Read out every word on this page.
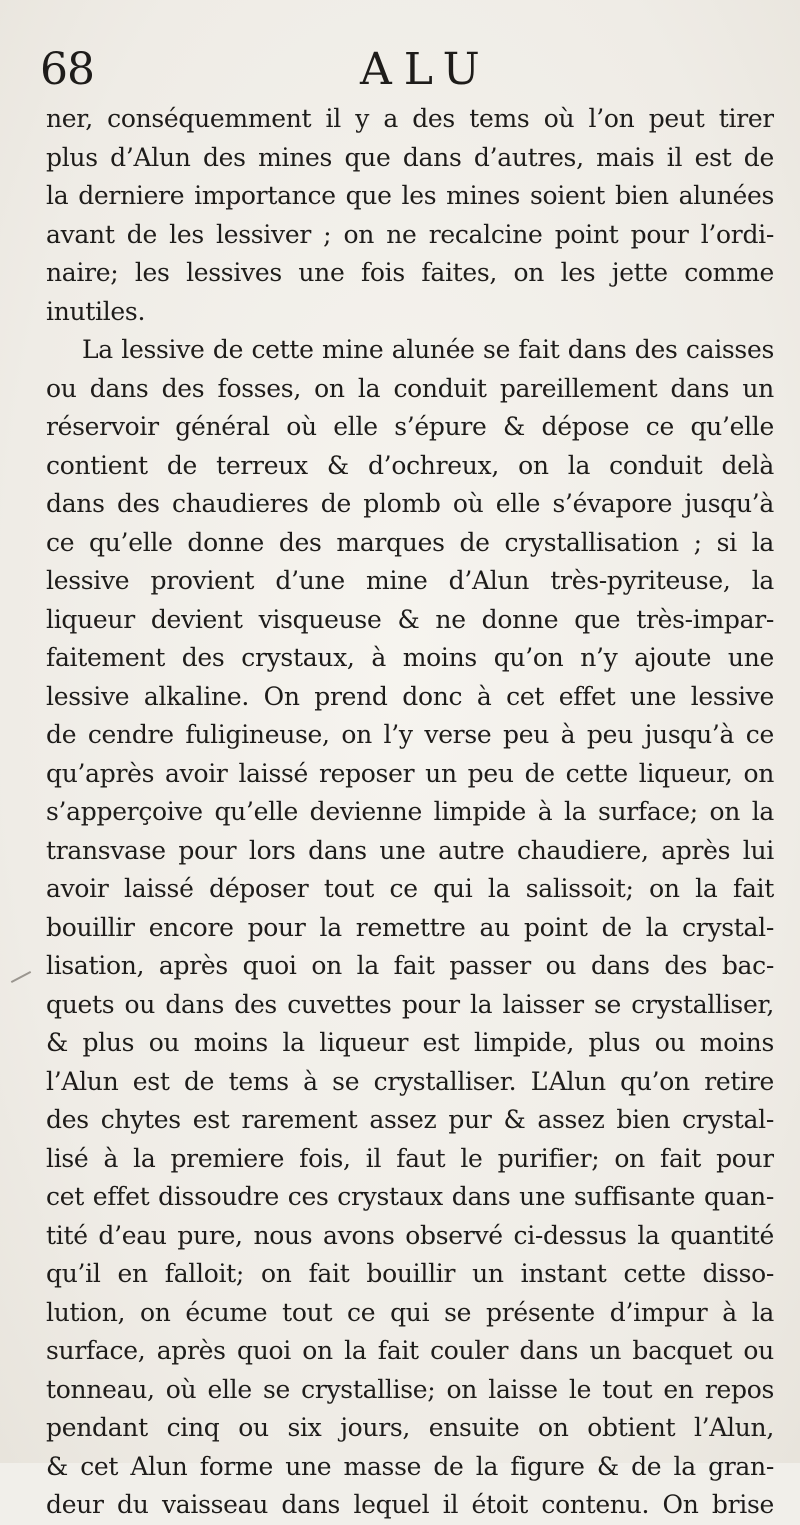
68	ALU
ner, conséquemment il y a des tems où l’on peut tirer
plus d’Alun des mines que dans d’autres, mais il est de
la derniere importance que les mines soient bien alunées
avant de les lessiver ; on ne recalcine point pour l’ordi-
naire; les lessives une fois faites, on les jette comme
inutiles.
La lessive de cette mine alunée se fait dans des caisses
ou dans des fosses, on la conduit pareillement dans un
réservoir général où elle s’épure & dépose ce qu’elle
contient de terreux & d’ochreux, on la conduit delà
dans des chaudieres de plomb où elle s’évapore jusqu’à
ce qu’elle donne des marques de crystallisation ; si la
lessive provient d’une mine d’Alun très-pyriteuse, la
liqueur devient visqueuse & ne donne que très-impar-
faitement des crystaux, à moins qu’on n’y ajoute une
lessive alkaline. On prend donc à cet effet une lessive
de cendre fuligineuse, on l’y verse peu à peu jusqu’à ce
qu’après avoir laissé reposer un peu de cette liqueur, on
s’apperçoive qu’elle devienne limpide à la surface; on la
transvase pour lors dans une autre chaudiere, après lui
avoir laissé déposer tout ce qui la salissoit; on la fait
bouillir encore pour la remettre au point de la crystal-
lisation, après quoi on la fait passer ou dans des bac-
quets ou dans des cuvettes pour la laisser se crystalliser,
& plus ou moins la liqueur est limpide, plus ou moins
l’Alun est de tems à se crystalliser. L’Alun qu’on retire
des chytes est rarement assez pur & assez bien crystal-
lisé à la premiere fois, il faut le purifier; on fait pour
cet effet dissoudre ces crystaux dans une suffisante quan-
tité d’eau pure, nous avons observé ci-dessus la quantité
qu’il en falloit; on fait bouillir un instant cette disso-
lution, on écume tout ce qui se présente d’impur à la
surface, après quoi on la fait couler dans un bacquet ou
tonneau, où elle se crystallise; on laisse le tout en repos
pendant cinq ou six jours, ensuite on obtient l’Alun,
& cet Alun forme une masse de la figure & de la gran-
deur du vaisseau dans lequel il étoit contenu. On brise
